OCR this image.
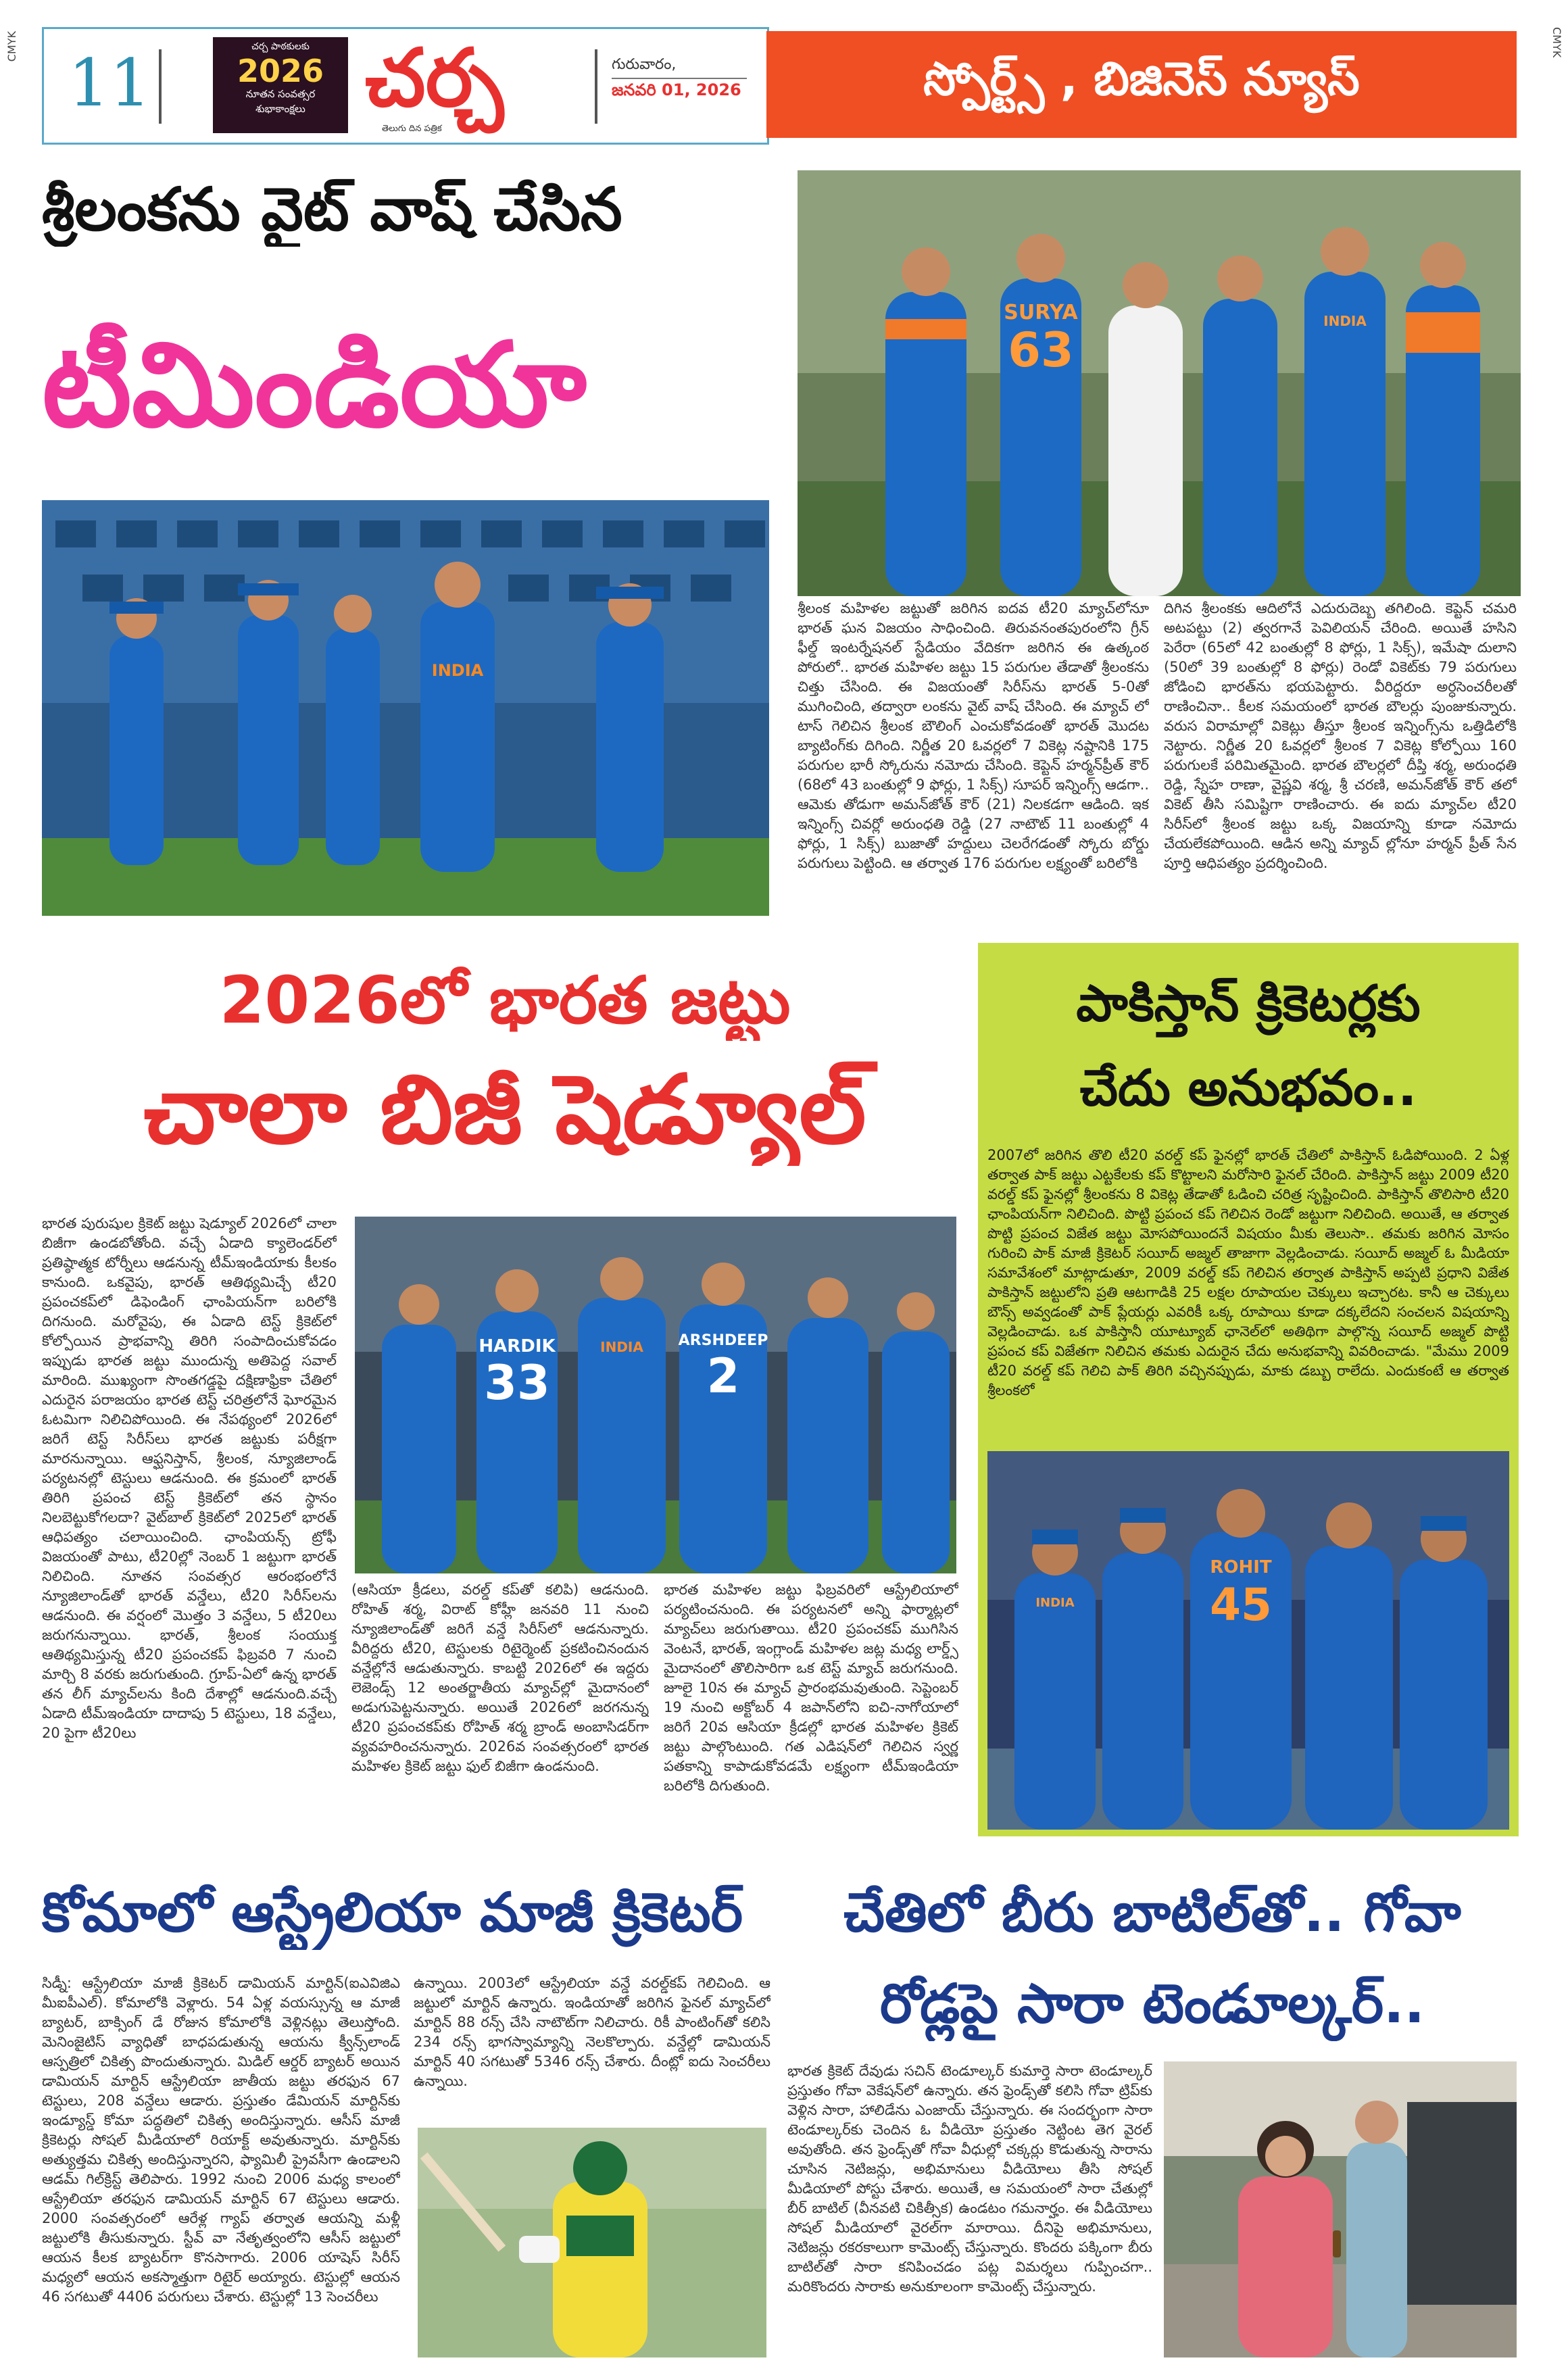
CMYK	CMYK
11	చర్చ పాఠకులకు
2026
నూతన సంవత్సర
శుభాకాంక్షలు చర్చ
తెలుగు దిన పత్రిక
గురువారం,
జనవరి 01, 2026	స్పోర్ట్స్ , బిజినెస్ న్యూస్
శ్రీలంకను వైట్ వాష్ చేసిన
టీమిండియా
INDIA
SURYA
63
INDIA
శ్రీలంక మహిళల జట్టుతో జరిగిన ఐదవ టీ20 మ్యాచ్‌లోనూ భారత్ ఘన విజయం సాధించింది. తిరువనంతపురంలోని గ్రీన్ ఫీల్డ్ ఇంటర్నేషనల్ స్టేడియం వేదికగా జరిగిన ఈ ఉత్కంఠ పోరులో.. భారత మహిళల జట్టు 15 పరుగుల తేడాతో శ్రీలంకను చిత్తు చేసింది. ఈ విజయంతో సిరీస్‌ను భారత్ 5-0తో ముగించింది, తద్వారా లంకను వైట్ వాష్ చేసింది. ఈ మ్యాచ్ లో టాస్ గెలిచిన శ్రీలంక బౌలింగ్ ఎంచుకోవడంతో భారత్ మొదట బ్యాటింగ్‌కు దిగింది. నిర్ణీత 20 ఓవర్లలో 7 వికెట్ల నష్టానికి 175 పరుగుల భారీ స్కోరును నమోదు చేసింది. కెప్టెన్ హర్మన్‌ప్రీత్ కౌర్ (68లో 43 బంతుల్లో 9 ఫోర్లు, 1 సిక్స్) సూపర్ ఇన్నింగ్స్ ఆడగా.. ఆమెకు తోడుగా అమన్‌జోత్ కౌర్ (21) నిలకడగా ఆడింది. ఇక ఇన్నింగ్స్ చివర్లో అరుంధతి రెడ్డి (27 నాటౌట్ 11 బంతుల్లో 4 ఫోర్లు, 1 సిక్స్) బుజాతో హద్దులు చెలరేగడంతో స్కోరు బోర్డు పరుగులు పెట్టింది. ఆ తర్వాత 176 పరుగుల లక్ష్యంతో బరిలోకి
దిగిన శ్రీలంకకు ఆదిలోనే ఎదురుదెబ్బ తగిలింది. కెప్టెన్ చమరి అటపట్టు (2) త్వరగానే పెవిలియన్ చేరింది. అయితే హసిని పెరేరా (65లో 42 బంతుల్లో 8 ఫోర్లు, 1 సిక్స్), ఇమేషా దులాని (50లో 39 బంతుల్లో 8 ఫోర్లు) రెండో వికెట్‌కు 79 పరుగులు జోడించి భారత్‌ను భయపెట్టారు. వీరిద్దరూ అర్ధసెంచరీలతో రాణించినా.. కీలక సమయంలో భారత బౌలర్లు పుంజుకున్నారు. వరుస విరామాల్లో వికెట్లు తీస్తూ శ్రీలంక ఇన్నింగ్స్‌ను ఒత్తిడిలోకి నెట్టారు. నిర్ణీత 20 ఓవర్లలో శ్రీలంక 7 వికెట్ల కోల్పోయి 160 పరుగులకే పరిమితమైంది. భారత బౌలర్లలో దీప్తి శర్మ, అరుంధతి రెడ్డి, స్నేహ రాణా, వైష్ణవి శర్మ, శ్రీ చరణి, అమన్‌జోత్ కౌర్ తలో వికెట్ తీసి సమిష్టిగా రాణించారు. ఈ ఐదు మ్యాచ్‌ల టీ20 సిరీస్‌లో శ్రీలంక జట్టు ఒక్క విజయాన్ని కూడా నమోదు చేయలేకపోయింది. ఆడిన అన్ని మ్యాచ్ ల్లోనూ హర్మన్ ప్రీత్ సేన పూర్తి ఆధిపత్యం ప్రదర్శించింది.
2026లో భారత జట్టు
చాలా బిజీ షెడ్యూల్
భారత పురుషుల క్రికెట్ జట్టు షెడ్యూల్ 2026లో చాలా బిజీగా ఉండబోతోంది. వచ్చే ఏడాది క్యాలెండర్‌లో ప్రతిష్ఠాత్మక టోర్నీలు ఆడనున్న టీమ్‌ఇండియాకు కీలకం కానుంది. ఒకవైపు, భారత్ ఆతిథ్యమిచ్చే టీ20 ప్రపంచకప్‌లో డిఫెండింగ్ ఛాంపియన్‌గా బరిలోకి దిగనుంది. మరోవైపు, ఈ ఏడాది టెస్ట్ క్రికెట్‌లో కోల్పోయిన ప్రాభవాన్ని తిరిగి సంపాదించుకోవడం ఇప్పుడు భారత జట్టు ముందున్న అతిపెద్ద సవాల్ మారింది. ముఖ్యంగా సొంతగడ్డపై దక్షిణాఫ్రికా చేతిలో ఎదురైన పరాజయం భారత టెస్ట్ చరిత్రలోనే ఘోరమైన ఓటమిగా నిలిచిపోయింది. ఈ నేపథ్యంలో 2026లో జరిగే టెస్ట్ సిరీస్‌లు భారత జట్టుకు పరీక్షగా మారనున్నాయి. ఆఫ్ఘనిస్తాన్, శ్రీలంక, న్యూజిలాండ్ పర్యటనల్లో టెస్టులు ఆడనుంది. ఈ క్రమంలో భారత్ తిరిగి ప్రపంచ టెస్ట్ క్రికెట్‌లో తన స్థానం నిలబెట్టుకోగలదా? వైట్‌బాల్ క్రికెట్‌లో 2025లో భారత్ ఆధిపత్యం చలాయించింది. ఛాంపియన్స్ ట్రోఫీ విజయంతో పాటు, టీ20ల్లో నెంబర్ 1 జట్టుగా భారత్ నిలిచింది. నూతన సంవత్సర ఆరంభంలోనే న్యూజిలాండ్‌తో భారత్ వన్డేలు, టీ20 సిరీస్‌లను ఆడనుంది. ఈ వర్షంలో మొత్తం 3 వన్డేలు, 5 టీ20లు జరుగనున్నాయి. భారత్, శ్రీలంక సంయుక్త ఆతిథ్యమిస్తున్న టీ20 ప్రపంచకప్ ఫిబ్రవరి 7 నుంచి మార్చి 8 వరకు జరుగుతుంది. గ్రూప్-ఏలో ఉన్న భారత్ తన లీగ్ మ్యాచ్‌లను కింది దేశాల్లో ఆడనుంది.వచ్చే ఏడాది టీమ్‌ఇండియా దాదాపు 5 టెస్టులు, 18 వన్డేలు, 20 పైగా టీ20లు
HARDIK
33
ARSHDEEP
2
INDIA
(ఆసియా క్రీడలు, వరల్డ్ కప్‌తో కలిపి) ఆడనుంది. రోహిత్ శర్మ, విరాట్ కోహ్లీ జనవరి 11 నుంచి న్యూజిలాండ్‌తో జరిగే వన్డే సిరీస్‌లో ఆడనున్నారు. వీరిద్దరు టీ20, టెస్టులకు రిటైర్మెంట్ ప్రకటించినందున వన్డేల్లోనే ఆడుతున్నారు. కాబట్టి 2026లో ఈ ఇద్దరు లెజెండ్స్ 12 అంతర్జాతీయ మ్యాచ్‌ల్లో మైదానంలో అడుగుపెట్టనున్నారు. అయితే 2026లో జరగనున్న టీ20 ప్రపంచకప్‌కు రోహిత్ శర్మ బ్రాండ్ అంబాసిడర్‌గా వ్యవహరించనున్నారు. 2026వ సంవత్సరంలో భారత మహిళల క్రికెట్ జట్టు ఫుల్ బిజీగా ఉండనుంది.
భారత మహిళల జట్టు ఫిబ్రవరిలో ఆస్ట్రేలియాలో పర్యటించనుంది. ఈ పర్యటనలో అన్ని ఫార్మాట్లలో మ్యాచ్‌లు జరుగుతాయి. టీ20 ప్రపంచకప్ ముగిసిన వెంటనే, భారత్, ఇంగ్లాండ్ మహిళల జట్ల మధ్య లార్డ్స్ మైదానంలో తొలిసారిగా ఒక టెస్ట్ మ్యాచ్ జరుగనుంది. జూలై 10న ఈ మ్యాచ్ ప్రారంభమవుతుంది. సెప్టెంబర్ 19 నుంచి అక్టోబర్ 4 జపాన్‌లోని ఐచి-నాగోయాలో జరిగే 20వ ఆసియా క్రీడల్లో భారత మహిళల క్రికెట్ జట్టు పాల్గొంటుంది. గత ఎడిషన్‌లో గెలిచిన స్వర్ణ పతకాన్ని కాపాడుకోవడమే లక్ష్యంగా టీమ్‌ఇండియా బరిలోకి దిగుతుంది.
పాకిస్తాన్ క్రికెటర్లకు
చేదు అనుభవం..
2007లో జరిగిన తొలి టీ20 వరల్డ్ కప్ ఫైనల్లో భారత్ చేతిలో పాకిస్తాన్ ఓడిపోయింది. 2 ఏళ్ల తర్వాత పాక్ జట్టు ఎట్టకేలకు కప్ కొట్టాలని మరోసారి ఫైనల్ చేరింది. పాకిస్తాన్ జట్టు 2009 టీ20 వరల్డ్ కప్ ఫైనల్లో శ్రీలంకను 8 వికెట్ల తేడాతో ఓడించి చరిత్ర సృష్టించింది. పాకిస్తాన్ తొలిసారి టీ20 ఛాంపియన్‌గా నిలిచింది. పొట్టి ప్రపంచ కప్ గెలిచిన రెండో జట్టుగా నిలిచింది. అయితే, ఆ తర్వాత పొట్టి ప్రపంచ విజేత జట్టు మోసపోయిందనే విషయం మీకు తెలుసా.. తమకు జరిగిన మోసం గురించి పాక్ మాజీ క్రికెటర్ సయీద్ అజ్మల్ తాజాగా వెల్లడించాడు. సయీద్ అజ్మల్ ఓ మీడియా సమావేశంలో మాట్లాడుతూ, 2009 వరల్డ్ కప్ గెలిచిన తర్వాత పాకిస్తాన్ అప్పటి ప్రధాని విజేత పాకిస్తాన్ జట్టులోని ప్రతి ఆటగాడికి 25 లక్షల రూపాయల చెక్కులు ఇచ్చారట. కానీ ఆ చెక్కులు బౌన్స్ అవ్వడంతో పాక్ ప్లేయర్లు ఎవరికీ ఒక్క రూపాయి కూడా దక్కలేదని సంచలన విషయాన్ని వెల్లడించాడు. ఒక పాకిస్తానీ యూట్యూబ్ ఛానెల్‌లో అతిథిగా పాల్గొన్న సయీద్ అజ్మల్ పొట్టి ప్రపంచ కప్ విజేతగా నిలిచిన తమకు ఎదురైన చేదు అనుభవాన్ని వివరించాడు. "మేము 2009 టీ20 వరల్డ్ కప్ గెలిచి పాక్ తిరిగి వచ్చినప్పుడు, మాకు డబ్బు రాలేదు. ఎందుకంటే ఆ తర్వాత శ్రీలంకలో
ROHIT
45
INDIA
కోమాలో ఆస్ట్రేలియా మాజీ క్రికెటర్
సిడ్నీ: ఆస్ట్రేలియా మాజీ క్రికెటర్ డామియన్ మార్టిన్(ఐఎవిజిఎ మీఐపీఎల్). కోమాలోకి వెళ్లారు. 54 ఏళ్ల వయస్సున్న ఆ మాజీ బ్యాటర్, బాక్సింగ్ డే రోజున కోమాలోకి వెళ్లినట్లు తెలుస్తోంది. మెనింజైటిస్ వ్యాధితో బాధపడుతున్న ఆయను క్వీన్స్‌లాండ్ ఆస్పత్రిలో చికిత్స పొందుతున్నారు. మిడిల్ ఆర్డర్ బ్యాటర్ అయిన డామియన్ మార్టిన్ ఆస్ట్రేలియా జాతీయ జట్టు తరఫున 67 టెస్టులు, 208 వన్డేలు ఆడారు. ప్రస్తుతం డేమియన్ మార్టిన్‌కు ఇండ్యూస్డ్ కోమా పద్ధతిలో చికిత్స అందిస్తున్నారు. ఆసీస్ మాజీ క్రికెటర్లు సోషల్ మీడియాలో రియాక్ట్ అవుతున్నారు. మార్టిన్‌కు అత్యుత్తమ చికిత్స అందిస్తున్నారని, ఫ్యామిలీ ప్రైవసీగా ఉండాలని ఆడమ్ గిల్‌క్రిస్ట్ తెలిపారు. 1992 నుంచి 2006 మధ్య కాలంలో ఆస్ట్రేలియా తరఫున డామియన్ మార్టిన్ 67 టెస్టులు ఆడారు. 2000 సంవత్సరంలో ఆరేళ్ల గ్యాప్ తర్వాత ఆయన్ని మళ్లీ జట్టులోకి తీసుకున్నారు. స్టీవ్ వా నేతృత్వంలోని ఆసీస్ జట్టులో ఆయన కీలక బ్యాటర్‌గా కొనసాగారు. 2006 యాషెస్ సిరీస్ మధ్యలో ఆయన అకస్మాత్తుగా రిటైర్ అయ్యారు. టెస్టుల్లో ఆయన 46 సగటుతో 4406 పరుగులు చేశారు. టెస్టుల్లో 13 సెంచరీలు
ఉన్నాయి. 2003లో ఆస్ట్రేలియా వన్డే వరల్డ్‌కప్ గెలిచింది. ఆ జట్టులో మార్టిన్ ఉన్నారు. ఇండియాతో జరిగిన ఫైనల్ మ్యాచ్‌లో మార్టిన్ 88 రన్స్ చేసి నాటౌట్‌గా నిలిచారు. రికీ పాంటింగ్‌తో కలిసి 234 రన్స్ భాగస్వామ్యాన్ని నెలకొల్పారు. వన్డేల్లో డామియన్ మార్టిన్ 40 సగటుతో 5346 రన్స్ చేశారు. దీంట్లో ఐదు సెంచరీలు ఉన్నాయి.
చేతిలో బీరు బాటిల్‌తో.. గోవా
రోడ్లపై సారా టెండూల్కర్..
భారత క్రికెట్ దేవుడు సచిన్ టెండూల్కర్ కుమార్తె సారా టెండూల్కర్ ప్రస్తుతం గోవా వెకేషన్‌లో ఉన్నారు. తన ఫ్రెండ్స్‌తో కలిసి గోవా ట్రిప్‌కు వెళ్లిన సారా, హాలిడేను ఎంజాయ్ చేస్తున్నారు. ఈ సందర్భంగా సారా టెండూల్కర్‌కు చెందిన ఓ వీడియో ప్రస్తుతం నెట్టింట తెగ వైరల్ అవుతోంది. తన ఫ్రెండ్స్‌తో గోవా వీధుల్లో చక్కర్లు కొడుతున్న సారాను చూసిన నెటిజన్లు, అభిమానులు వీడియోలు తీసి సోషల్ మీడియాలో పోస్టు చేశారు. అయితే, ఆ సమయంలో సారా చేతుల్లో బీర్ బాటిల్ (వీనవటి చికిత్సీక) ఉండటం గమనార్హం. ఈ వీడియోలు సోషల్ మీడియాలో వైరల్‌గా మారాయి. దీనిపై అభిమానులు, నెటిజన్లు రకరకాలుగా కామెంట్స్ చేస్తున్నారు. కొందరు పక్కింగా బీరు బాటిల్‌తో సారా కనిపించడం పట్ల విమర్శలు గుప్పించగా.. మరికొందరు సారాకు అనుకూలంగా కామెంట్స్ చేస్తున్నారు.
